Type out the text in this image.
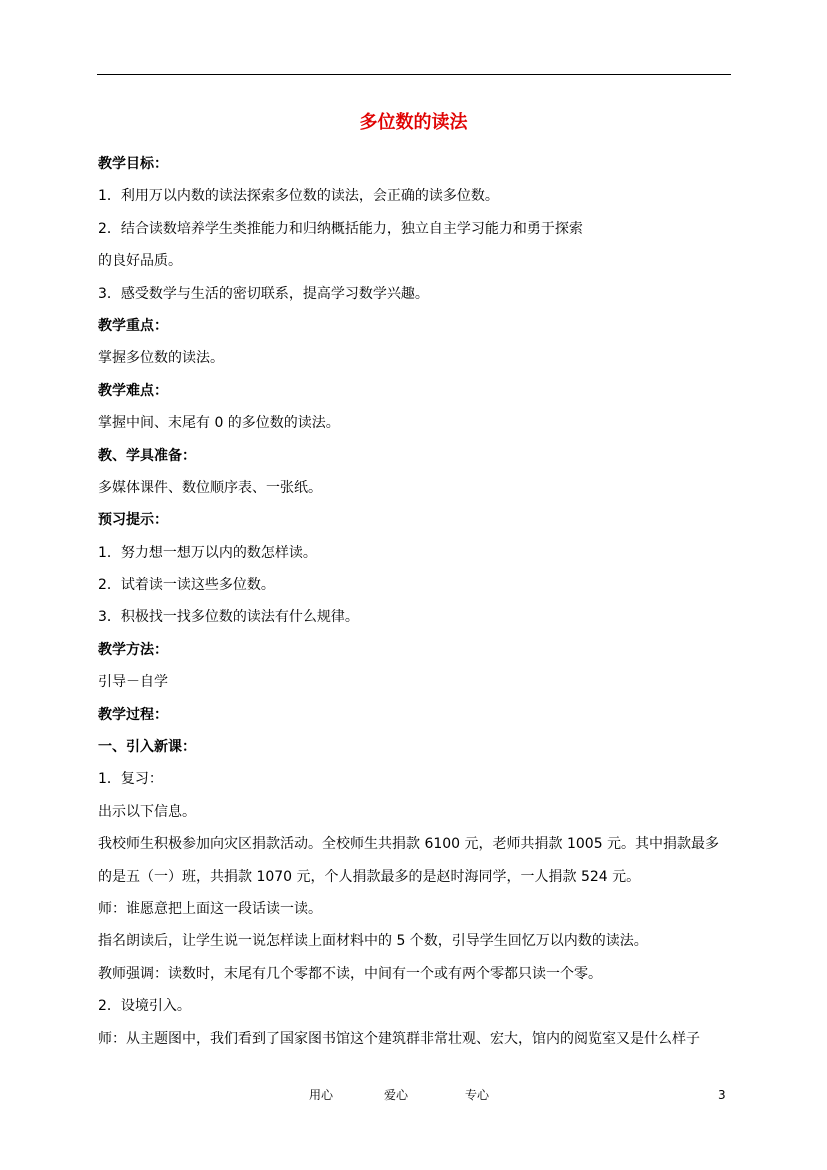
多位数的读法
教学目标：
1．利用万以内数的读法探索多位数的读法，会正确的读多位数。
2．结合读数培养学生类推能力和归纳概括能力，独立自主学习能力和勇于探索
的良好品质。
3．感受数学与生活的密切联系，提高学习数学兴趣。
教学重点：
掌握多位数的读法。
教学难点：
掌握中间、末尾有 0 的多位数的读法。
教、学具准备：
多媒体课件、数位顺序表、一张纸。
预习提示：
1．努力想一想万以内的数怎样读。
2．试着读一读这些多位数。
3．积极找一找多位数的读法有什么规律。
教学方法：
引导－自学
教学过程：
一、引入新课：
1．复习：
出示以下信息。
我校师生积极参加向灾区捐款活动。全校师生共捐款 6100 元，老师共捐款 1005 元。其中捐款最多
的是五（一）班，共捐款 1070 元，个人捐款最多的是赵时海同学，一人捐款 524 元。
师：谁愿意把上面这一段话读一读。
指名朗读后，让学生说一说怎样读上面材料中的 5 个数，引导学生回忆万以内数的读法。
教师强调：读数时，末尾有几个零都不读，中间有一个或有两个零都只读一个零。
2．设境引入。
师：从主题图中，我们看到了国家图书馆这个建筑群非常壮观、宏大，馆内的阅览室又是什么样子
用心	爱心	专心	3
